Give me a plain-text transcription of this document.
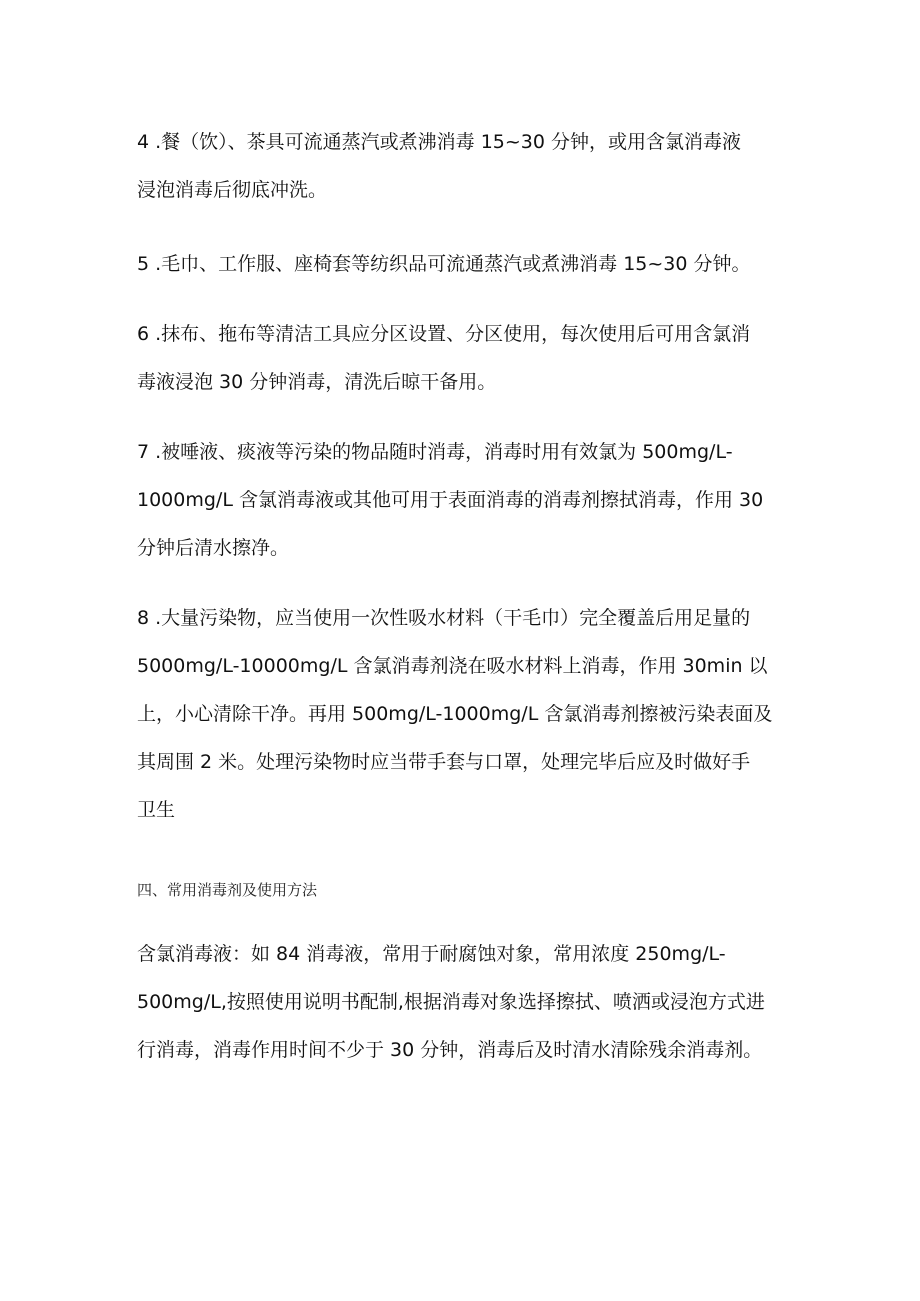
4 .餐（饮）、茶具可流通蒸汽或煮沸消毒 15~30 分钟，或用含氯消毒液
浸泡消毒后彻底冲洗。

5 .毛巾、工作服、座椅套等纺织品可流通蒸汽或煮沸消毒 15~30 分钟。

6 .抹布、拖布等清洁工具应分区设置、分区使用，每次使用后可用含氯消
毒液浸泡 30 分钟消毒，清洗后晾干备用。

7 .被唾液、痰液等污染的物品随时消毒，消毒时用有效氯为 500mg∕L-
1000mg∕L 含氯消毒液或其他可用于表面消毒的消毒剂擦拭消毒，作用 30
分钟后清水擦净。

8 .大量污染物，应当使用一次性吸水材料（干毛巾）完全覆盖后用足量的
5000mg∕L-10000mg∕L 含氯消毒剂浇在吸水材料上消毒，作用 30min 以
上，小心清除干净。再用 500mg∕L-1000mg∕L 含氯消毒剂擦被污染表面及
其周围 2 米。处理污染物时应当带手套与口罩，处理完毕后应及时做好手
卫生

四、常用消毒剂及使用方法

含氯消毒液：如 84 消毒液，常用于耐腐蚀对象，常用浓度 250mg∕L-
500mg∕L,按照使用说明书配制,根据消毒对象选择擦拭、喷洒或浸泡方式进
行消毒，消毒作用时间不少于 30 分钟，消毒后及时清水清除残余消毒剂。
